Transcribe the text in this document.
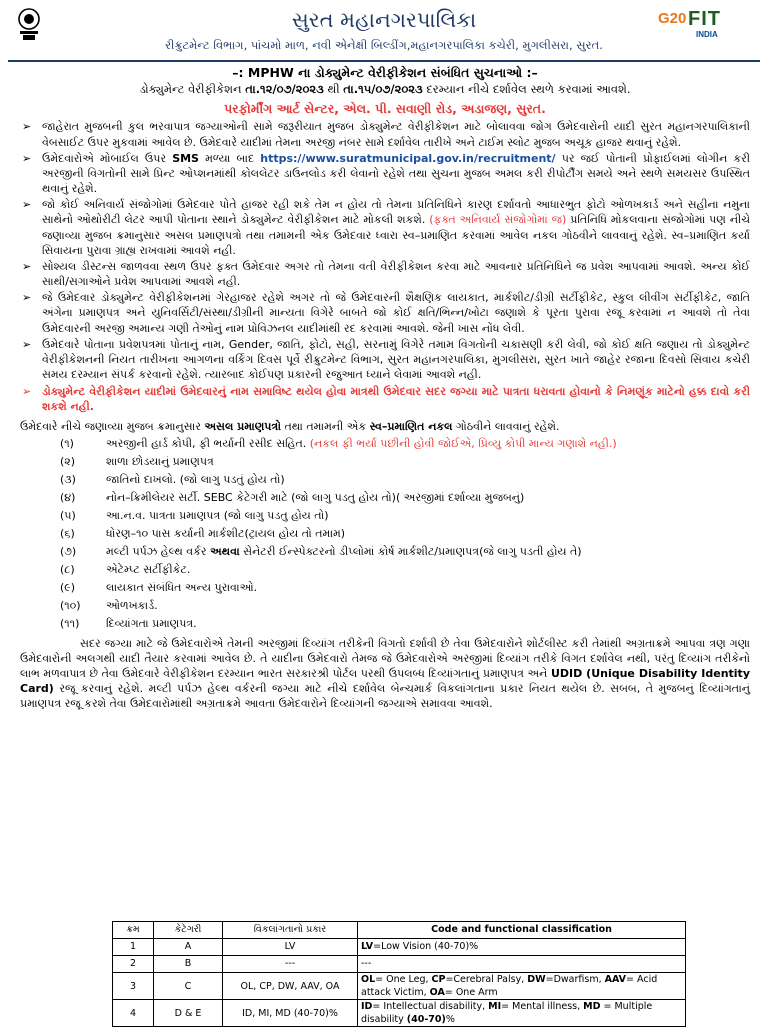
સુરત મહાનગરપાલિકા
રીક્રુટમેન્ટ વિભાગ, પાંચમો માળ, નવી એનેક્ષી બિલ્ડીંગ,મહાનગરપાલિકા કચેરી, મુગલીસરા, સુરત.
G20 FIT
INDIA

–: MPHW ના ડોક્યુમેન્ટ વેરીફીકેશન સંબંધિત સુચનાઓ :–

ડોક્યુમેન્ટ વેરીફીકેશન તા.૧૨/૦૭/૨૦૨૩ થી તા.૧૫/૦૭/૨૦૨૩ દરમ્યાન નીચે દર્શાવેલ સ્થળે કરવામાં આવશે.

પરફોર્મીંગ આર્ટ સેન્ટર, એલ. પી. સવાણી રોડ, અડાજણ, સુરત.

➢ જાહેરાત મુજબની કુલ ભરવાપાત્ર જગ્યાઓની સામે જરૂરીયાત મુજબ ડોક્યુમેન્ટ વેરીફીકેશન માટે બોલાવવા જોગ ઉમેદવારોની યાદી સુરત મહાનગરપાલિકાની વેબસાઈટ ઉપર મુકવામાં આવેલ છે. ઉમેદવારે યાદીમાં તેમના અરજી નંબર સામે દર્શાવેલ તારીખે અને ટાઈમ સ્લોટ મુજબ અચૂક હાજર થવાનું રહેશે.
➢ ઉમેદવારોએ મોબાઈલ ઉપર SMS મળ્યા બાદ https://www.suratmunicipal.gov.in/recruitment/ પર જઈ પોતાની પ્રોફાઈલમાં લોગીન કરી અરજીની વિગતોની સામે પ્રિન્ટ ઓપ્શનમાંથી કોલલેટર ડાઉનલોડ કરી લેવાનો રહેશે તથા સુચના મુજબ અમલ કરી રીપોર્ટીંગ સમયે અને સ્થળે સમયસર ઉપસ્થિત થવાનું રહેશે.
➢ જો કોઈ અનિવાર્ય સંજોગોમાં ઉમેદવાર પોતે હાજર રહી શકે તેમ ન હોય તો તેમના પ્રતિનિધિને કારણ દર્શાવતો આધારભુત ફોટો ઓળખકાર્ડ અને સહીના નમુના સાથેનો ઓથોરીટી લેટર આપી પોતાના સ્થાને ડોક્યુમેન્ટ વેરીફીકેશન માટે મોકલી શકશે. (ફક્ત અનિવાર્ય સંજોગોમાં જ) પ્રતિનિધિ મોકલવાના સંજોગોમાં પણ નીચે જણાવ્યા મુજબ ક્રમાનુસાર અસલ પ્રમાણપત્રો તથા તમામની એક ઉમેદવાર ધ્વારા સ્વ–પ્રમાણિત કરવામાં આવેલ નકલ ગોઠવીને લાવવાનું રહેશે. સ્વ–પ્રમાણિત કર્યા સિવાયના પુરાવા ગ્રાહ્ય રાખવામાં આવશે નહી.
➢ સોશ્યલ ડીસ્ટન્સ જાળવવા સ્થળ ઉપર ફક્ત ઉમેદવાર અગર તો તેમના વતી વેરીફીકેશન કરવા માટે આવનાર પ્રતિનિધિને જ પ્રવેશ આપવામાં આવશે. અન્ય કોઈ સાથી/સગાઓને પ્રવેશ આપવામાં આવશે નહી.
➢ જે ઉમેદવાર ડોક્યુમેન્ટ વેરીફીકેશનમાં ગેરહાજર રહેશે અગર તો જે ઉમેદવારની શૈક્ષણિક લાયકાત, માર્કશીટ/ડીગ્રી સર્ટીફીકેટ, સ્કુલ લીવીંગ સર્ટીફીકેટ, જાતિ અંગેના પ્રમાણપત્ર અને યુનિવર્સિટી/સંસ્થા/ડીગ્રીની માન્યતા વિગેરે બાબતે જો કોઈ ક્ષતિ/ભિન્ન/ખોટા જણાશે કે પૂરતા પુરાવા રજૂ કરવામાં ન આવશે તો તેવા ઉમેદવારની અરજી અમાન્ય ગણી તેઓનું નામ પ્રોવિઝનલ યાદીમાંથી રદ કરવામાં આવશે. જેની ખાસ નોંધ લેવી.
➢ ઉમેદવારે પોતાના પ્રવેશપત્રમાં પોતાનું નામ, Gender, જાતિ, ફોટો, સહી, સરનામું વિગેરે તમામ વિગતોની ચકાસણી કરી લેવી, જો કોઈ ક્ષતિ જણાય તો ડોક્યુમેન્ટ વેરીફીકેશનની નિયત તારીખના આગળના વર્કિંગ દિવસ પૂર્વે રીક્રુટમેન્ટ વિભાગ, સુરત મહાનગરપાલિકા, મુગલીસરા, સુરત ખાતે જાહેર રજાના દિવસો સિવાય કચેરી સમય દરમ્યાન સંપર્ક કરવાનો રહેશે. ત્યારબાદ કોઈપણ પ્રકારની રજુઆત ધ્યાને લેવામાં આવશે નહી.
➢ ડોક્યુમેન્ટ વેરીફીકેશન યાદીમાં ઉમેદવારનું નામ સમાવિષ્ટ થયેલ હોવા માત્રથી ઉમેદવાર સદર જગ્યા માટે પાત્રતા ધરાવતા હોવાનો કે નિમણૂંક માટેનો હક્ક દાવો કરી શકશે નહી.

ઉમેદવારે નીચે જણાવ્યા મુજબ ક્રમાનુસાર અસલ પ્રમાણપત્રો તથા તમામની એક સ્વ–પ્રમાણિત નકલ ગોઠવીને લાવવાનું રહેશે.

(૧)	અરજીની હાર્ડ કોપી, ફી ભર્યાની રસીદ સહિત. (નકલ ફી ભર્યા પછીની હોવી જોઈએ, પ્રિવ્યુ કોપી માન્ય ગણાશે નહી.)
(૨)	શાળા છોડયાનું પ્રમાણપત્ર
(૩)	જાતિનો દાખલો. (જો લાગુ પડતું હોય તો)
(૪)	નોન–ક્રિમીલેયર સર્ટી. SEBC કેટેગરી માટે (જો લાગુ પડતુ હોય તો)( અરજીમાં દર્શાવ્યા મુજબનું)
(૫)	આ.ન.વ. પાત્રતા પ્રમાણપત્ર (જો લાગુ પડતુ હોય તો)
(૬)	ધોરણ–૧૦ પાસ કર્યાની માર્કશીટ(ટ્રાયલ હોય તો તમામ)
(૭)	મલ્ટી પર્પઝ હેલ્થ વર્કર અથવા સેનેટરી ઈન્સ્પેક્ટરનો ડીપ્લોમાં કોર્ષ માર્કશીટ/પ્રમાણપત્ર(જે લાગુ પડતી હોય તે)
(૮)	એટેમ્પ્ટ સર્ટીફીકેટ.
(૯)	લાયકાત સંબંધિત અન્ય પુરાવાઓ.
(૧૦) ઓળખકાર્ડ.
(૧૧) દિવ્યાંગતા પ્રમાણપત્ર.

સદર જગ્યા માટે જે ઉમેદવારોએ તેમની અરજીમાં દિવ્યાંગ તરીકેની વિગતો દર્શાવી છે તેવા ઉમેદવારોને શોર્ટલીસ્ટ કરી તેમાંથી અગ્રતાક્રમે આપવા ત્રણ ગણા ઉમેદવારોની અલગથી યાદી તૈયાર કરવામાં આવેલ છે. તે યાદીના ઉમેદવારો તેમજ જે ઉમેદવારોએ અરજીમાં દિવ્યાંગ તરીકે વિગત દર્શાવેલ નથી, પરંતુ દિવ્યાંગ તરીકેનો લાભ મળવાપાત્ર છે તેવા ઉમેદવારે વેરીફીકેશન દરમ્યાન ભારત સરકારશ્રી પોર્ટલ પરથી ઉપલબ્ધ દિવ્યાંગતાનું પ્રમાણપત્ર અને UDID (Unique Disability Identity Card) રજૂ કરવાનું રહેશે. મલ્ટી પર્પઝ હેલ્થ વર્કરની જગ્યા માટે નીચે દર્શાવેલ બેન્ચમાર્ક વિકલાંગતાના પ્રકાર નિયત થયેલ છે. સબબ, તે મુજબનું દિવ્યાંગતાનું પ્રમાણપત્ર રજૂ કરશે તેવા ઉમેદવારોમાંથી અગ્રતાક્રમે આવતા ઉમેદવારોને દિવ્યાંગની જગ્યાએ સમાવવા આવશે.

ક્રમ	કેટેગરી	વિકલાંગતાનો પ્રકાર	Code and functional classification
1	A	LV	LV=Low Vision (40-70)%
2	B	---	---
3	C	OL, CP, DW, AAV, OA	OL= One Leg, CP=Cerebral Palsy, DW=Dwarfism, AAV= Acid attack Victim, OA= One Arm
4	D & E	ID, MI, MD (40-70)%	ID= Intellectual disability, MI= Mental illness, MD = Multiple disability (40-70)%
